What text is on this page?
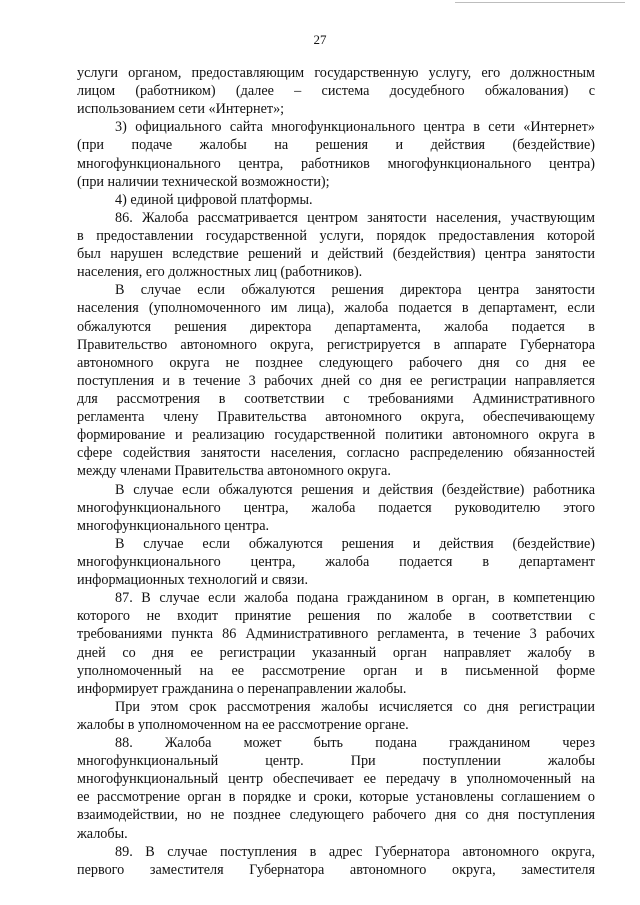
27
услуги органом, предоставляющим государственную услугу, его должностным
лицом (работником) (далее – система досудебного обжалования) с
использованием сети «Интернет»;
3) официального сайта многофункционального центра в сети «Интернет»
(при подаче жалобы на решения и действия (бездействие)
многофункционального центра, работников многофункционального центра)
(при наличии технической возможности);
4) единой цифровой платформы.
86. Жалоба рассматривается центром занятости населения, участвующим
в предоставлении государственной услуги, порядок предоставления которой
был нарушен вследствие решений и действий (бездействия) центра занятости
населения, его должностных лиц (работников).
В случае если обжалуются решения директора центра занятости
населения (уполномоченного им лица), жалоба подается в департамент, если
обжалуются решения директора департамента, жалоба подается в
Правительство автономного округа, регистрируется в аппарате Губернатора
автономного округа не позднее следующего рабочего дня со дня ее
поступления и в течение 3 рабочих дней со дня ее регистрации направляется
для рассмотрения в соответствии с требованиями Административного
регламента члену Правительства автономного округа, обеспечивающему
формирование и реализацию государственной политики автономного округа в
сфере содействия занятости населения, согласно распределению обязанностей
между членами Правительства автономного округа.
В случае если обжалуются решения и действия (бездействие) работника
многофункционального центра, жалоба подается руководителю этого
многофункционального центра.
В случае если обжалуются решения и действия (бездействие)
многофункционального центра, жалоба подается в департамент
информационных технологий и связи.
87. В случае если жалоба подана гражданином в орган, в компетенцию
которого не входит принятие решения по жалобе в соответствии с
требованиями пункта 86 Административного регламента, в течение 3 рабочих
дней со дня ее регистрации указанный орган направляет жалобу в
уполномоченный на ее рассмотрение орган и в письменной форме
информирует гражданина о перенаправлении жалобы.
При этом срок рассмотрения жалобы исчисляется со дня регистрации
жалобы в уполномоченном на ее рассмотрение органе.
88. Жалоба может быть подана гражданином через
многофункциональный центр. При поступлении жалобы
многофункциональный центр обеспечивает ее передачу в уполномоченный на
ее рассмотрение орган в порядке и сроки, которые установлены соглашением о
взаимодействии, но не позднее следующего рабочего дня со дня поступления
жалобы.
89. В случае поступления в адрес Губернатора автономного округа,
первого заместителя Губернатора автономного округа, заместителя
